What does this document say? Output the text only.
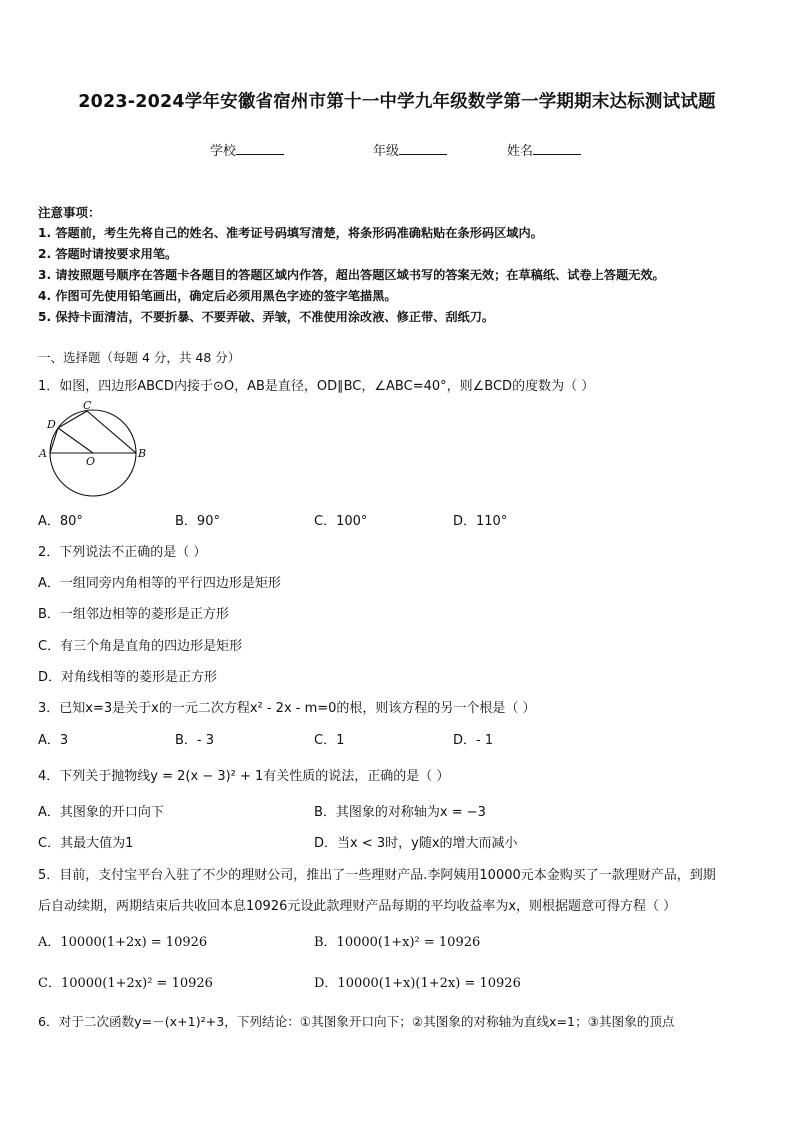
2023-2024学年安徽省宿州市第十一中学九年级数学第一学期期末达标测试试题
学校	年级	姓名
注意事项：
1. 答题前，考生先将自己的姓名、准考证号码填写清楚，将条形码准确粘贴在条形码区域内。
2. 答题时请按要求用笔。
3. 请按照题号顺序在答题卡各题目的答题区域内作答，超出答题区域书写的答案无效；在草稿纸、试卷上答题无效。
4. 作图可先使用铅笔画出，确定后必须用黑色字迹的签字笔描黑。
5. 保持卡面清洁，不要折暴、不要弄破、弄皱，不准使用涂改液、修正带、刮纸刀。
一、选择题（每题 4 分，共 48 分）
1．如图，四边形ABCD内接于⊙O，AB是直径，OD∥BC，∠ABC=40°，则∠BCD的度数为（ ）
A	B
C
D
O
A．80°	B．90°	C．100°	D．110°
2．下列说法不正确的是（ ）
A．一组同旁内角相等的平行四边形是矩形
B．一组邻边相等的菱形是正方形
C．有三个角是直角的四边形是矩形
D．对角线相等的菱形是正方形
3．已知x=3是关于x的一元二次方程x² - 2x - m=0的根，则该方程的另一个根是（ ）
A．3	B．- 3	C．1	D．- 1
4．下列关于抛物线y = 2(x − 3)² + 1有关性质的说法，正确的是（ ）
A．其图象的开口向下	B．其图象的对称轴为x = −3
C．其最大值为1	D．当x < 3时，y随x的增大而减小
5．目前，支付宝平台入驻了不少的理财公司，推出了一些理财产品.李阿姨用10000元本金购买了一款理财产品，到期
后自动续期，两期结束后共收回本息10926元设此款理财产品每期的平均收益率为x，则根据题意可得方程（ ）
A．10000(1+2x) = 10926	B．10000(1+x)² = 10926
C．10000(1+2x)² = 10926	D．10000(1+x)(1+2x) = 10926
6．对于二次函数y=－(x+1)²+3，下列结论：①其图象开口向下；②其图象的对称轴为直线x=1；③其图象的顶点
